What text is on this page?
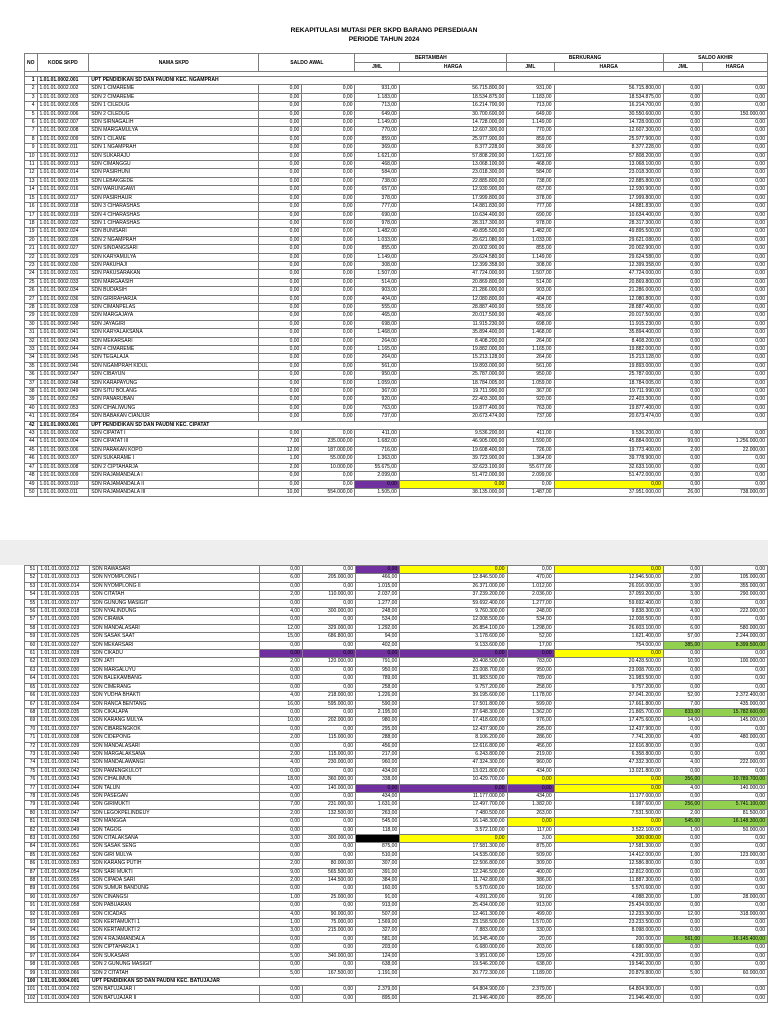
REKAPITULASI MUTASI PER SKPD BARANG PERSEDIAAN
PERIODE TAHUN 2024
NO	KODE SKPD	NAMA SKPD	SALDO AWAL		BERTAMBAH		BERKURANG		SALDO AKHIR	
					JML	HARGA	JML	HARGA	JML	HARGA

1	1.01.01.0002.001	UPT PENDIDIKAN SD DAN PAUDNI KEC. NGAMPRAH								
2	1.01.01.0002.002	SDN 1 CIMAREME	0,00	0,00	931,00	56.715.800,00	931,00	56.715.800,00	0,00	0,00
3	1.01.01.0002.003	SDN 2 CIMAREME	0,00	0,00	1.183,00	18.534.875,00	1.183,00	18.534.875,00	0,00	0,00
4	1.01.01.0002.005	SDN 1 CILEDUG	0,00	0,00	713,00	16.214.700,00	713,00	16.214.700,00	0,00	0,00
5	1.01.01.0002.006	SDN 2 CILEDUG	0,00	0,00	649,00	30.700.600,00	649,00	30.550.600,00	0,00	150.000,00
6	1.01.01.0002.007	SDN SIRNAGALIH	0,00	0,00	1.149,00	14.728.000,00	1.149,00	14.728.000,00	0,00	0,00
7	1.01.01.0002.008	SDN MARGAMULYA	0,00	0,00	770,00	12.607.300,00	770,00	12.607.300,00	0,00	0,00
8	1.01.01.0002.009	SDN 1 CILAME	0,00	0,00	859,00	25.977.900,00	859,00	25.977.900,00	0,00	0,00
9	1.01.01.0002.011	SDN 1 NGAMPRAH	0,00	0,00	369,00	8.377.228,00	369,00	8.377.228,00	0,00	0,00
10	1.01.01.0002.012	SDN SUKARAJU	0,00	0,00	1.621,00	57.808.200,00	1.621,00	57.808.200,00	0,00	0,00
11	1.01.01.0002.013	SDN CIMANGGU	0,00	0,00	468,00	13.068.100,00	468,00	13.068.100,00	0,00	0,00
12	1.01.01.0002.014	SDN PASIRHUNI	0,00	0,00	584,00	23.018.300,00	584,00	23.018.300,00	0,00	0,00
13	1.01.01.0002.015	SDN LEBAKGEDE	0,00	0,00	738,00	22.885.800,00	738,00	22.885.800,00	0,00	0,00
14	1.01.01.0002.016	SDN WARUNGAWI	0,00	0,00	657,00	12.930.900,00	657,00	12.930.900,00	0,00	0,00
15	1.01.01.0002.017	SDN PASIRHAUR	0,00	0,00	378,00	17.999.800,00	378,00	17.999.800,00	0,00	0,00
16	1.01.01.0002.018	SDN 3 CIHARASHAS	0,00	0,00	777,00	14.881.830,00	777,00	14.881.830,00	0,00	0,00
17	1.01.01.0002.019	SDN 4 CIHARASHAS	0,00	0,00	690,00	10.634.400,00	690,00	10.634.400,00	0,00	0,00
18	1.01.01.0002.022	SDN 1 CIHARASHAS	0,00	0,00	978,00	28.317.300,00	978,00	28.317.300,00	0,00	0,00
19	1.01.01.0002.024	SDN BUNISARI	0,00	0,00	1.482,00	49.895.500,00	1.482,00	49.895.500,00	0,00	0,00
20	1.01.01.0002.026	SDN 2 NGAMPRAH	0,00	0,00	1.033,00	29.621.080,00	1.033,00	29.621.080,00	0,00	0,00
21	1.01.01.0002.027	SDN SINDANGSARI	0,00	0,00	855,00	20.002.900,00	855,00	20.002.900,00	0,00	0,00
22	1.01.01.0002.029	SDN KARYAMULYA	0,00	0,00	1.149,00	29.624.580,00	1.149,00	29.624.580,00	0,00	0,00
23	1.01.01.0002.030	SDN PAKUHAJI	0,00	0,00	308,00	12.399.358,00	308,00	12.399.358,00	0,00	0,00
24	1.01.01.0002.031	SDN PAKUSARAKAN	0,00	0,00	1.507,00	47.724.000,00	1.507,00	47.724.000,00	0,00	0,00
25	1.01.01.0002.033	SDN MARGAASIH	0,00	0,00	514,00	20.869.800,00	514,00	20.869.800,00	0,00	0,00
26	1.01.01.0002.034	SDN BUDIASIH	0,00	0,00	903,00	21.286.000,00	903,00	21.286.000,00	0,00	0,00
27	1.01.01.0002.036	SDN GIRIRAHARJA	0,00	0,00	404,00	12.080.800,00	404,00	12.080.800,00	0,00	0,00
28	1.01.01.0002.038	SDN CIMANPELAS	0,00	0,00	555,00	28.887.400,00	555,00	28.887.400,00	0,00	0,00
29	1.01.01.0002.039	SDN MARGAJAYA	0,00	0,00	465,00	20.017.500,00	465,00	20.017.500,00	0,00	0,00
30	1.01.01.0002.040	SDN JAYAGIRI	0,00	0,00	698,00	11.915.230,00	698,00	11.915.230,00	0,00	0,00
31	1.01.01.0002.041	SDN KARYALAKSANA	0,00	0,00	1.468,00	35.894.400,00	1.468,00	35.894.400,00	0,00	0,00
32	1.01.01.0002.043	SDN MEKARSARI	0,00	0,00	264,00	8.408.200,00	264,00	8.408.200,00	0,00	0,00
33	1.01.01.0002.044	SDN 4 CIMAREME	0,00	0,00	1.165,00	19.882.000,00	1.165,00	19.882.000,00	0,00	0,00
34	1.01.01.0002.045	SDN TEGALAJA	0,00	0,00	264,00	15.213.128,00	264,00	15.213.128,00	0,00	0,00
35	1.01.01.0002.046	SDN NGAMPRAH KIDUL	0,00	0,00	561,00	19.893.000,00	561,00	19.893.000,00	0,00	0,00
36	1.01.01.0002.047	SDN CIBAYUN	0,00	0,00	950,00	25.787.000,00	950,00	25.787.000,00	0,00	0,00
37	1.01.01.0002.048	SDN KARAPAYUNG	0,00	0,00	1.059,00	18.784.005,00	1.059,00	18.784.005,00	0,00	0,00
38	1.01.01.0002.049	SDN SITU BOLANG	0,00	0,00	367,00	19.711.990,00	367,00	19.711.990,00	0,00	0,00
39	1.01.01.0002.052	SDN PANARUBAN	0,00	0,00	920,00	22.403.300,00	920,00	22.403.300,00	0,00	0,00
40	1.01.01.0002.053	SDN CIHALIWUNG	0,00	0,00	763,00	19.877.400,00	763,00	19.877.400,00	0,00	0,00
41	1.01.01.0002.054	SDN BABAKAN CIANJUR	0,00	0,00	737,00	20.673.474,00	737,00	20.673.474,00	0,00	0,00
42	1.01.01.0003.001	UPT PENDIDIKAN SD DAN PAUDNI KEC. CIPATAT								
43	1.01.01.0003.002	SDN CIPATAT I	0,00	0,00	411,00	9.536.200,00	411,00	9.536.200,00	0,00	0,00
44	1.01.01.0003.004	SDN CIPATAT III	7,00	235.000,00	1.682,00	46.905.000,00	1.590,00	45.884.000,00	99,00	1.256.000,00
45	1.01.01.0003.006	SDN PARAKAN KOPO	12,00	187.000,00	716,00	19.608.400,00	726,00	19.773.400,00	2,00	22.000,00
46	1.01.01.0003.007	SDN SUKARAME I	1,00	55.000,00	1.363,00	39.723.900,00	1.364,00	39.778.900,00	0,00	0,00
47	1.01.01.0003.008	SDN 2 CIPTAHARJA	2,00	10.000,00	55.675,00	32.623.100,00	55.677,00	32.633.100,00	0,00	0,00
48	1.01.01.0003.009	SDN RAJAMANDALA I	0,00	0,00	2.099,00	51.472.000,00	2.099,00	51.472.000,00	0,00	0,00
49	1.01.01.0003.010	SDN RAJAMANDALA II	0,00	0,00	0,00	0,00	0,00	0,00	0,00	0,00
50	1.01.01.0003.011	SDN RAJAMANDALA III	10,00	554.000,00	1.505,00	38.135.000,00	1.487,00	37.951.000,00	26,00	738.000,00
51	1.01.01.0003.012	SDN RAWASARI	0,00	0,00	0,00	0,00	0,00	0,00	0,00	0,00
52	1.01.01.0003.013	SDN NYOMPLONG I	6,00	205.000,00	466,00	12.846.500,00	470,00	12.946.500,00	2,00	105.000,00
53	1.01.01.0003.014	SDN NYOMPLONG II	0,00	0,00	1.015,00	26.371.000,00	1.012,00	26.016.000,00	3,00	355.000,00
54	1.01.01.0003.015	SDN CITATAH	2,00	110.000,00	2.037,00	37.239.200,00	2.036,00	37.059.200,00	3,00	290.000,00
55	1.01.01.0003.017	SDN GUNUNG MASIGIT	0,00	0,00	1.277,00	59.692.400,00	1.277,00	59.692.400,00	0,00	0,00
56	1.01.01.0003.018	SDN NYALINDUNG	4,00	300.000,00	248,00	9.760.300,00	248,00	9.838.300,00	4,00	222.000,00
57	1.01.01.0003.020	SDN CIRAWA	0,00	0,00	534,00	12.008.500,00	534,00	12.008.500,00	0,00	0,00
58	1.01.01.0003.023	SDN MANDALASARI	12,00	329.000,00	1.292,00	26.854.100,00	1.298,00	26.603.100,00	6,00	580.000,00
59	1.01.01.0003.025	SDN SASAK SAAT	15,00	686.800,00	94,00	3.178.600,00	52,00	1.621.400,00	57,00	2.244.000,00
60	1.01.01.0003.027	SDN MEKARSARI	0,00	0,00	402,00	9.133.600,00	17,00	754.000,00	385,00	8.399.500,00
61	1.01.01.0003.028	SDN CIKADU	0,00	0,00	0,00	0,00	0,00	0,00	0,00	0,00
62	1.01.01.0003.029	SDN JATI	2,00	120.000,00	791,00	20.408.500,00	783,00	20.428.500,00	10,00	100.000,00
63	1.01.01.0003.030	SDN MARGALUYU	0,00	0,00	950,00	23.008.700,00	950,00	23.008.700,00	0,00	0,00
64	1.01.01.0003.031	SDN BALEKAMBANG	0,00	0,00	789,00	31.983.500,00	789,00	31.983.500,00	0,00	0,00
65	1.01.01.0003.032	SDN CIMERANG	0,00	0,00	258,00	9.757.200,00	258,00	9.757.200,00	0,00	0,00
66	1.01.01.0003.033	SDN YUDHA BHAKTI	4,00	218.000,00	1.226,00	39.195.600,00	1.178,00	37.041.200,00	52,00	2.372.400,00
67	1.01.01.0003.034	SDN RANCA BENTANG	16,00	595.000,00	590,00	17.501.800,00	599,00	17.661.800,00	7,00	435.000,00
68	1.01.01.0003.035	SDN CIKALAPA	0,00	0,00	2.195,00	37.648.300,00	1.362,00	21.865.700,00	833,00	15.782.600,00
69	1.01.01.0003.036	SDN KARANG MULYA	10,00	202.000,00	980,00	17.418.600,00	976,00	17.475.600,00	14,00	145.000,00
70	1.01.01.0003.037	SDN CIBARENGKOK	0,00	0,00	295,00	12.437.900,00	295,00	12.437.900,00	0,00	0,00
71	1.01.01.0003.038	SDN CIDEPONG	2,00	115.000,00	288,00	8.106.200,00	286,00	7.741.200,00	4,00	480.000,00
72	1.01.01.0003.039	SDN MANDALASARI	0,00	0,00	456,00	12.616.800,00	456,00	12.616.800,00	0,00	0,00
73	1.01.01.0003.040	SDN MARGALAKSANA	2,00	115.000,00	217,00	6.243.800,00	219,00	6.358.800,00	0,00	0,00
74	1.01.01.0003.041	SDN MANDALAWANGI	4,00	230.000,00	960,00	47.324.300,00	960,00	47.332.300,00	4,00	222.000,00
75	1.01.01.0003.042	SDN PAMENGKULOT	0,00	0,00	434,00	13.021.800,00	434,00	13.021.800,00	0,00	0,00
76	1.01.01.0003.043	SDN CIHALIMUN	18,00	360.000,00	338,00	10.429.700,00	0,00	0,00	356,00	10.789.700,00
77	1.01.01.0003.044	SDN TALUN	4,00	140.000,00	0,00	0,00	0,00	0,00	4,00	140.000,00
78	1.01.01.0003.045	SDN PASEGAN	0,00	0,00	434,00	11.177.000,00	434,00	11.177.000,00	0,00	0,00
79	1.01.01.0003.046	SDN GIRIMUKTI	7,00	231.000,00	1.631,00	12.497.700,00	1.382,00	6.987.600,00	256,00	5.741.100,00
80	1.01.01.0003.047	SDN LEGOKPELINDEUY	2,00	132.500,00	263,00	7.480.500,00	263,00	7.531.500,00	2,00	81.500,00
81	1.01.01.0003.048	SDN MANGGA	0,00	0,00	545,00	16.148.300,00	0,00	0,00	545,00	16.148.300,00
82	1.01.01.0003.049	SDN TAGOG	0,00	0,00	118,00	3.572.100,00	117,00	3.522.100,00	1,00	50.000,00
83	1.01.01.0003.050	SDN CITALAKSANA	3,00	300.000,00	0,00	0,00	3,00	300.000,00	0,00	0,00
84	1.01.01.0003.051	SDN SASAK SENG	0,00	0,00	875,00	17.581.300,00	875,00	17.581.300,00	0,00	0,00
85	1.01.01.0003.052	SDN GIRI MULYA	0,00	0,00	510,00	14.535.000,00	509,00	14.412.000,00	1,00	123.000,00
86	1.01.01.0003.053	SDN KARANG PUTIH	2,00	80.000,00	307,00	12.506.800,00	309,00	12.586.800,00	0,00	0,00
87	1.01.01.0003.054	SDN SARI MUKTI	9,00	565.500,00	391,00	12.246.500,00	400,00	12.812.000,00	0,00	0,00
88	1.01.01.0003.055	SDN CIPADA SARI	2,00	144.500,00	384,00	11.742.800,00	386,00	11.887.300,00	0,00	0,00
89	1.01.01.0003.056	SDN SUMUR BANDUNG	0,00	0,00	160,00	5.570.600,00	160,00	5.570.600,00	0,00	0,00
90	1.01.01.0003.057	SDN CINANGSI	1,00	25.000,00	91,00	4.091.200,00	91,00	4.088.200,00	1,00	28.000,00
91	1.01.01.0003.058	SDN PABUARAN	0,00	0,00	913,00	25.434.000,00	913,00	25.434.000,00	0,00	0,00
92	1.01.01.0003.059	SDN CICADAS	4,00	90.000,00	507,00	12.461.300,00	499,00	12.233.300,00	12,00	318.000,00
93	1.01.01.0003.060	SDN KERTAMUKTI 1	1,00	75.000,00	1.569,00	23.158.500,00	1.570,00	23.233.500,00	0,00	0,00
94	1.01.01.0003.061	SDN KERTAMUKTI 2	3,00	215.000,00	327,00	7.883.000,00	330,00	8.098.000,00	0,00	0,00
95	1.01.01.0003.062	SDN 4 RAJAMANDALA	0,00	0,00	581,00	16.345.400,00	20,00	200.000,00	561,00	16.145.400,00
96	1.01.01.0003.063	SDN CIPTAHARJA 1	0,00	0,00	203,00	6.680.000,00	203,00	6.680.000,00	0,00	0,00
97	1.01.01.0003.064	SDN SUKASARI	5,00	340.000,00	124,00	3.951.000,00	129,00	4.291.000,00	0,00	0,00
98	1.01.01.0003.065	SDN 2 GUNUNG MASIGIT	0,00	0,00	638,00	19.546.200,00	638,00	19.546.200,00	0,00	0,00
99	1.01.01.0003.066	SDN 2 CITATAH	5,00	167.500,00	1.191,00	20.772.300,00	1.189,00	20.879.800,00	5,00	60.000,00
100	1.01.01.0004.001	UPT PENDIDIKAN SD DAN PAUDNI KEC. BATUJAJAR								
101	1.01.01.0004.002	SDN BATUJAJAR I	0,00	0,00	2.379,00	64.804.900,00	2.379,00	64.804.900,00	0,00	0,00
102	1.01.01.0004.003	SDN BATUJAJAR II	0,00	0,00	895,00	21.946.400,00	895,00	21.946.400,00	0,00	0,00
